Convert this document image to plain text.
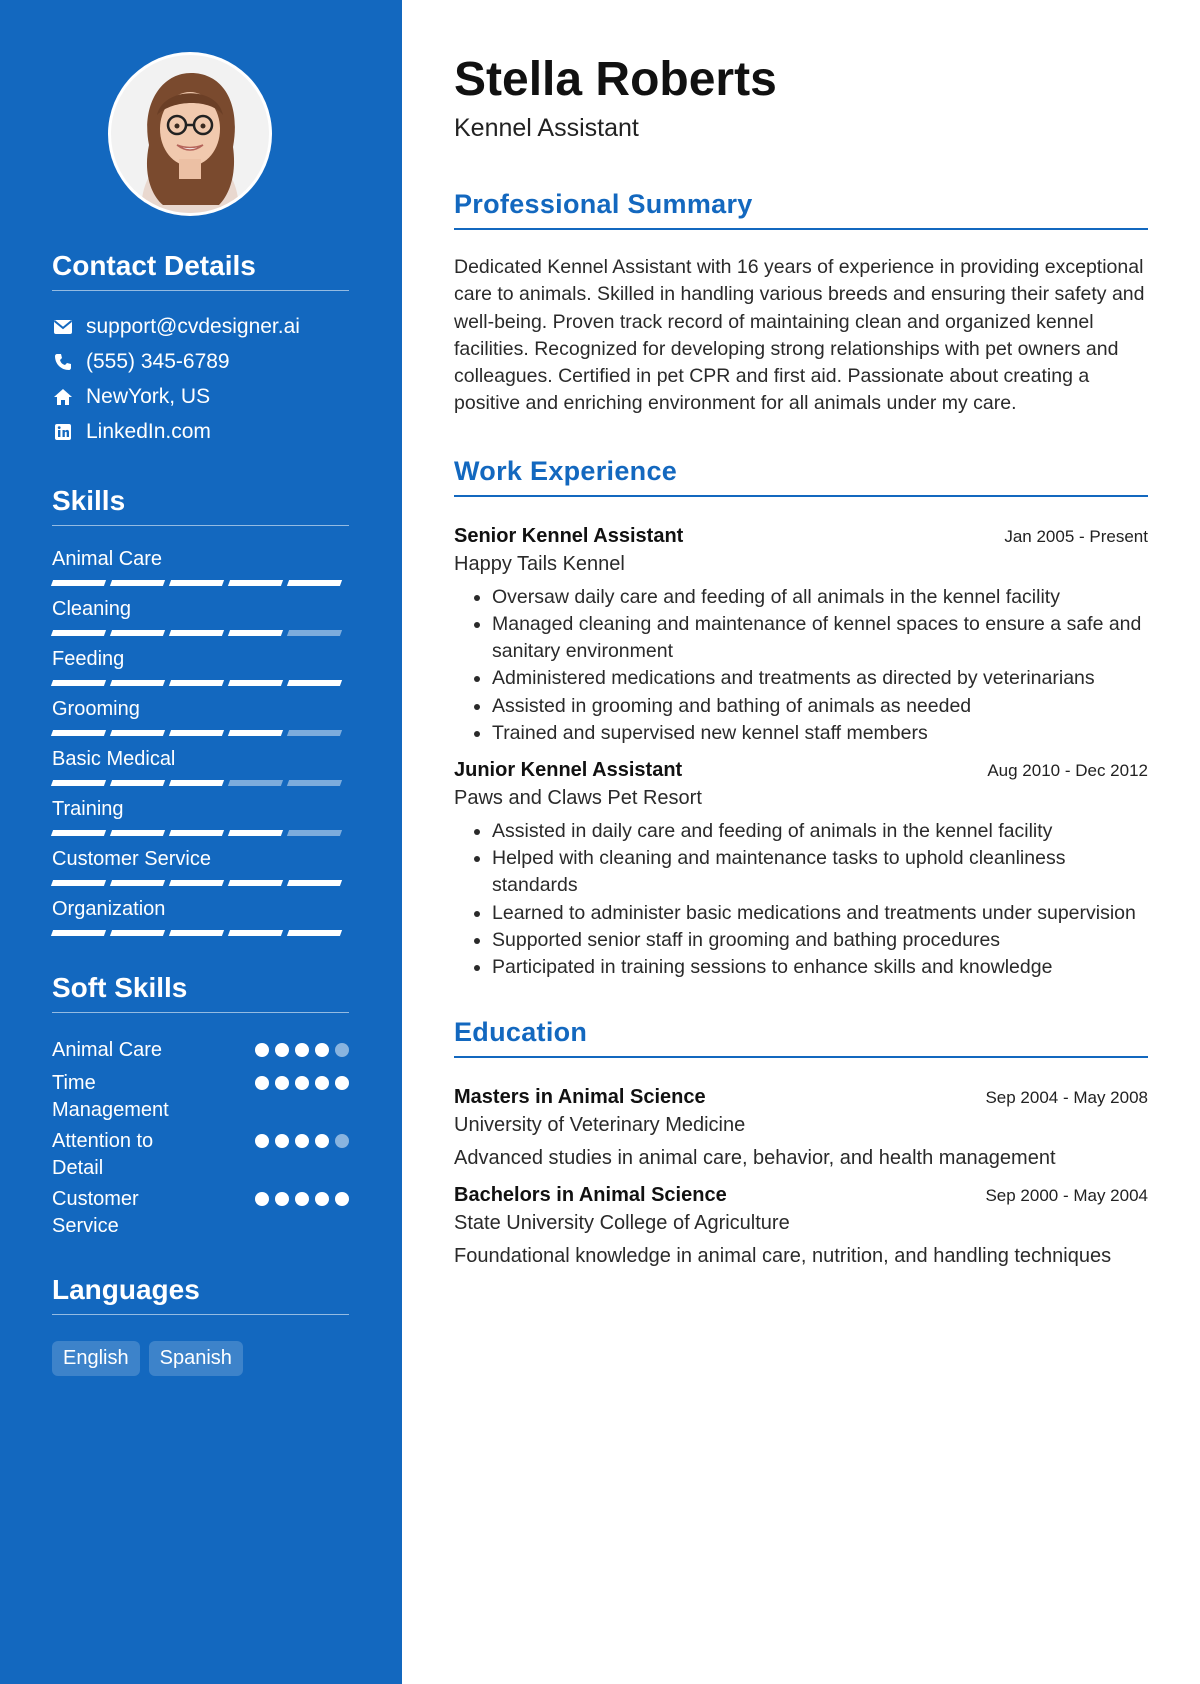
Contact Details
support@cvdesigner.ai
(555) 345-6789
NewYork, US
LinkedIn.com
Skills
Animal Care
Cleaning
Feeding
Grooming
Basic Medical
Training
Customer Service
Organization
Soft Skills
Animal Care
Time Management
Attention to Detail
Customer Service
Languages
English	Spanish
Stella Roberts
Kennel Assistant
Professional Summary
Dedicated Kennel Assistant with 16 years of experience in providing exceptional care to animals. Skilled in handling various breeds and ensuring their safety and well-being. Proven track record of maintaining clean and organized kennel facilities. Recognized for developing strong relationships with pet owners and colleagues. Certified in pet CPR and first aid. Passionate about creating a positive and enriching environment for all animals under my care.
Work Experience
Senior Kennel Assistant	Jan 2005 - Present
Happy Tails Kennel
• Oversaw daily care and feeding of all animals in the kennel facility
• Managed cleaning and maintenance of kennel spaces to ensure a safe and sanitary environment
• Administered medications and treatments as directed by veterinarians
• Assisted in grooming and bathing of animals as needed
• Trained and supervised new kennel staff members
Junior Kennel Assistant	Aug 2010 - Dec 2012
Paws and Claws Pet Resort
• Assisted in daily care and feeding of animals in the kennel facility
• Helped with cleaning and maintenance tasks to uphold cleanliness standards
• Learned to administer basic medications and treatments under supervision
• Supported senior staff in grooming and bathing procedures
• Participated in training sessions to enhance skills and knowledge
Education
Masters in Animal Science	Sep 2004 - May 2008
University of Veterinary Medicine
Advanced studies in animal care, behavior, and health management
Bachelors in Animal Science	Sep 2000 - May 2004
State University College of Agriculture
Foundational knowledge in animal care, nutrition, and handling techniques
